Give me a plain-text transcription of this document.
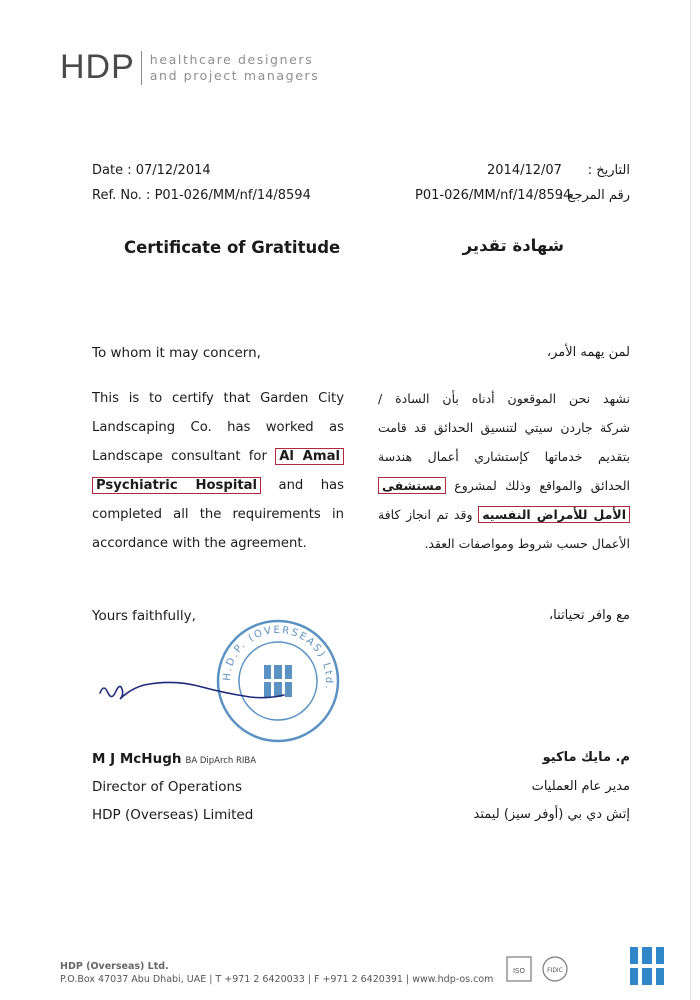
HDP healthcare designers
and project managers
Date : 07/12/2014
Ref. No. : P01-026/MM/nf/14/8594
2014/12/07 التاريخ :
P01-026/MM/nf/14/8594
رقم المرجع :
Certificate of Gratitude	شهادة تقدير
To whom it may concern,	لمن يهمه الأمر،
This is to certify that Garden City
Landscaping Co. has worked as
Landscape consultant for Al Amal
Psychiatric Hospital and has
completed all the requirements in
accordance with the agreement.
نشهد نحن الموقعون أدناه بأن السادة /
شركة جاردن سيتي لتنسيق الحدائق قد قامت
بتقديم خدماتها كإستشاري أعمال هندسة
الحدائق والمواقع وذلك لمشروع مستشفى
الأمل للأمراض النفسيه وقد تم انجاز كافة
الأعمال حسب شروط ومواصفات العقد.
Yours faithfully,	مع وافر تحياتنا،
H.D.P. (OVERSEAS) Ltd.
M J McHugh BA DipArch RIBA
Director of Operations
HDP (Overseas) Limited
م. مايك ماكيو
مدير عام العمليات
إتش دي بي (أوفر سيز) ليمتد
HDP (Overseas) Ltd.
P.O.Box 47037 Abu Dhabi, UAE | T +971 2 6420033 | F +971 2 6420391 | www.hdp-os.com
ISO	FIDIC
